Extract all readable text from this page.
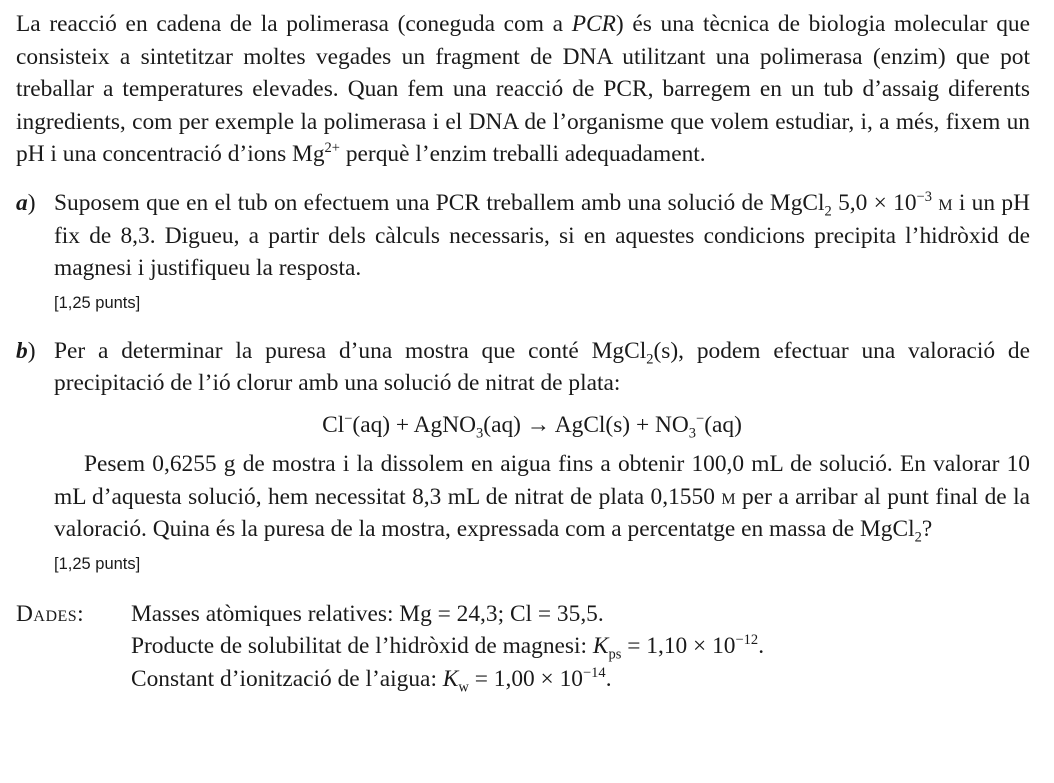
La reacció en cadena de la polimerasa (coneguda com a PCR) és una tècnica de biologia molecular que consisteix a sintetitzar moltes vegades un fragment de DNA utilitzant una polimerasa (enzim) que pot treballar a temperatures elevades. Quan fem una reacció de PCR, barregem en un tub d’assaig diferents ingredients, com per exemple la polimerasa i el DNA de l’organisme que volem estudiar, i, a més, fixem un pH i una concentració d’ions $Mg^{2+}$ perquè l’enzim treballi adequadament.

a) Suposem que en el tub on efectuem una PCR treballem amb una solució de MgCl$_2$ $5,0 \times 10^{-3}$ m i un pH fix de 8,3. Digueu, a partir dels càlculs necessaris, si en aquestes condicions precipita l’hidròxid de magnesi i justifiqueu la resposta.

[1,25 punts]

b) Per a determinar la puresa d’una mostra que conté MgCl$_2$(s), podem efectuar una valoració de precipitació de l’ió clorur amb una solució de nitrat de plata:

Cl−(aq) + AgNO$_3$(aq) → AgCl(s) + $NO_3^-(aq)$

Pesem 0,6255 g de mostra i la dissolem en aigua fins a obtenir 100,0 mL de solució. En valorar 10 mL d’aquesta solució, hem necessitat 8,3 mL de nitrat de plata 0,1550 m per a arribar al punt final de la valoració. Quina és la puresa de la mostra, expressada com a percentatge en massa de MgCl$_2$?

[1,25 punts]

Dades: Masses atòmiques relatives: Mg = 24,3; Cl = 35,5.
Producte de solubilitat de l’hidròxid de magnesi: $K_{ps} = 1,10 \times 10^{-12}$.
Constant d’ionització de l’aigua: $K_w = 1,00 \times 10^{-14}$.
